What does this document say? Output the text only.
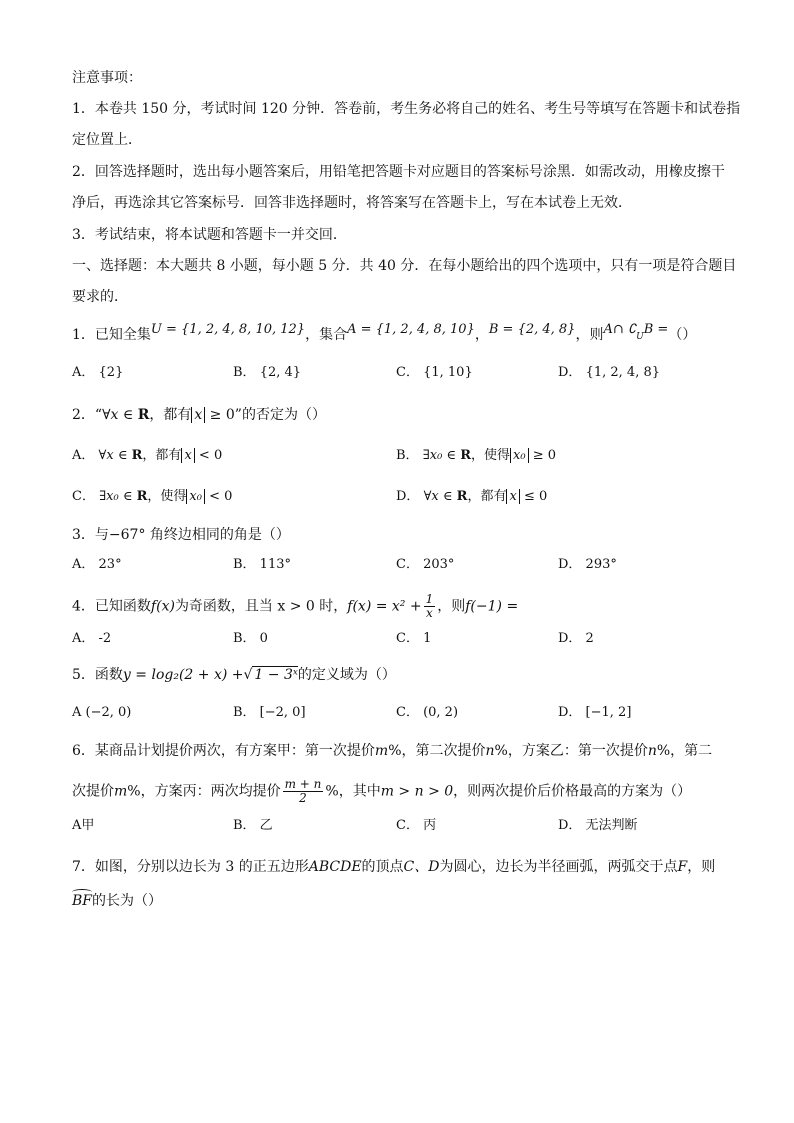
注意事项：
1．本卷共 150 分，考试时间 120 分钟．答卷前，考生务必将自己的姓名、考生号等填写在答题卡和试卷指
定位置上．
2．回答选择题时，选出每小题答案后，用铅笔把答题卡对应题目的答案标号涂黑．如需改动，用橡皮擦干
净后，再选涂其它答案标号．回答非选择题时，将答案写在答题卡上，写在本试卷上无效．
3．考试结束，将本试题和答题卡一并交回．
一、选择题：本大题共 8 小题，每小题 5 分．共 40 分．在每小题给出的四个选项中，只有一项是符合题目
要求的．
1．已知全集U = {1, 2, 4, 8, 10, 12}，集合A = {1, 2, 4, 8, 10}，B = {2, 4, 8}，则A∩ $∁_UB$ =（）
A． {2}	B． {2, 4}	C． {1, 10}	D． {1, 2, 4, 8}
2．“∀x ∈ R，都有 x ≥ 0”的否定为（）
A． ∀x ∈ R，都有 x < 0	B． ∃x₀ ∈ R，使得 x₀ ≥ 0
C． ∃x₀ ∈ R，使得 x₀ < 0	D． ∀x ∈ R，都有 x ≤ 0
3．与−67° 角终边相同的角是（）
A． 23°	B． 113°	C． 203°	D． 293°
4．已知函数f(x)为奇函数，且当 x > 0 时，$f(x) = x^2 + \frac{1}{x}$ ，则f(−1) =
A． -2	B． 0	C． 1	D． 2
5．函数y = log₂(2 + x) +√ 1 − 3ˣ的定义域为（）
A (−2, 0)	B． [−2, 0]	C． (0, 2)	D． [−1, 2]
6．某商品计划提价两次，有方案甲：第一次提价m%，第二次提价n%，方案乙：第一次提价n%，第二
次提价m%，方案丙：两次均提价 $\frac{m + n}{2}$ %，其中m > n > 0，则两次提价后价格最高的方案为（）
A甲	B． 乙	C． 丙	D． 无法判断
7．如图，分别以边长为 3 的正五边形ABCDE的顶点C、D为圆心，边长为半径画弧，两弧交于点F，则
BF的长为（）
